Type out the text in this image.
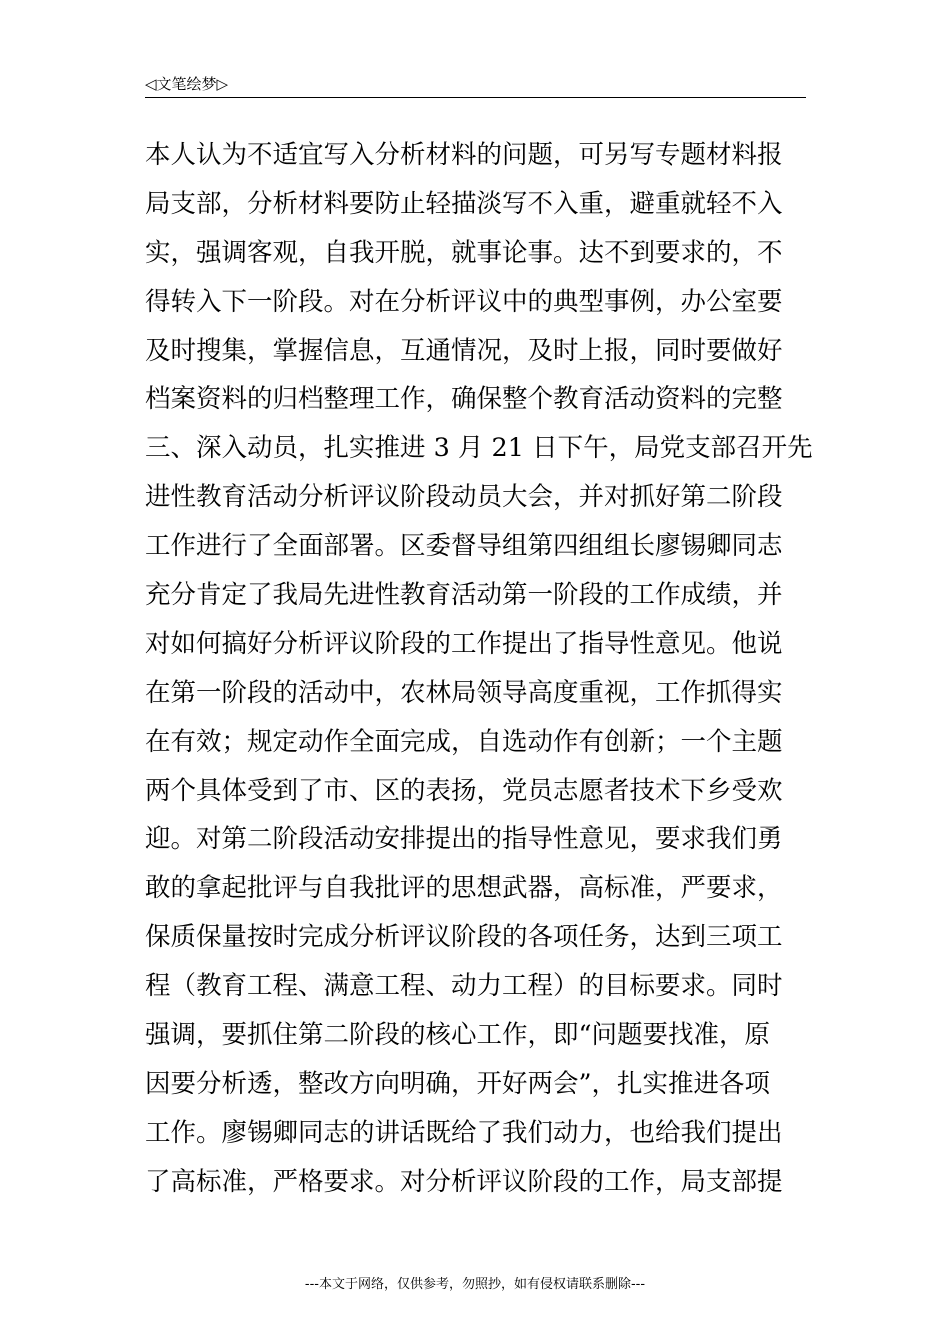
◁文笔绘梦▷
本人认为不适宜写入分析材料的问题，可另写专题材料报
局支部，分析材料要防止轻描淡写不入重，避重就轻不入
实，强调客观，自我开脱，就事论事。达不到要求的，不
得转入下一阶段。对在分析评议中的典型事例，办公室要
及时搜集，掌握信息，互通情况，及时上报，同时要做好
档案资料的归档整理工作，确保整个教育活动资料的完整
三、深入动员，扎实推进 3 月 21 日下午，局党支部召开先
进性教育活动分析评议阶段动员大会，并对抓好第二阶段
工作进行了全面部署。区委督导组第四组组长廖锡卿同志
充分肯定了我局先进性教育活动第一阶段的工作成绩，并
对如何搞好分析评议阶段的工作提出了指导性意见。他说
在第一阶段的活动中，农林局领导高度重视，工作抓得实
在有效；规定动作全面完成，自选动作有创新；一个主题
两个具体受到了市、区的表扬，党员志愿者技术下乡受欢
迎。对第二阶段活动安排提出的指导性意见，要求我们勇
敢的拿起批评与自我批评的思想武器，高标准，严要求，
保质保量按时完成分析评议阶段的各项任务，达到三项工
程（教育工程、满意工程、动力工程）的目标要求。同时
强调，要抓住第二阶段的核心工作，即“问题要找准，原
因要分析透，整改方向明确，开好两会”，扎实推进各项
工作。廖锡卿同志的讲话既给了我们动力，也给我们提出
了高标准，严格要求。对分析评议阶段的工作，局支部提
---本文于网络，仅供参考，勿照抄，如有侵权请联系删除---
